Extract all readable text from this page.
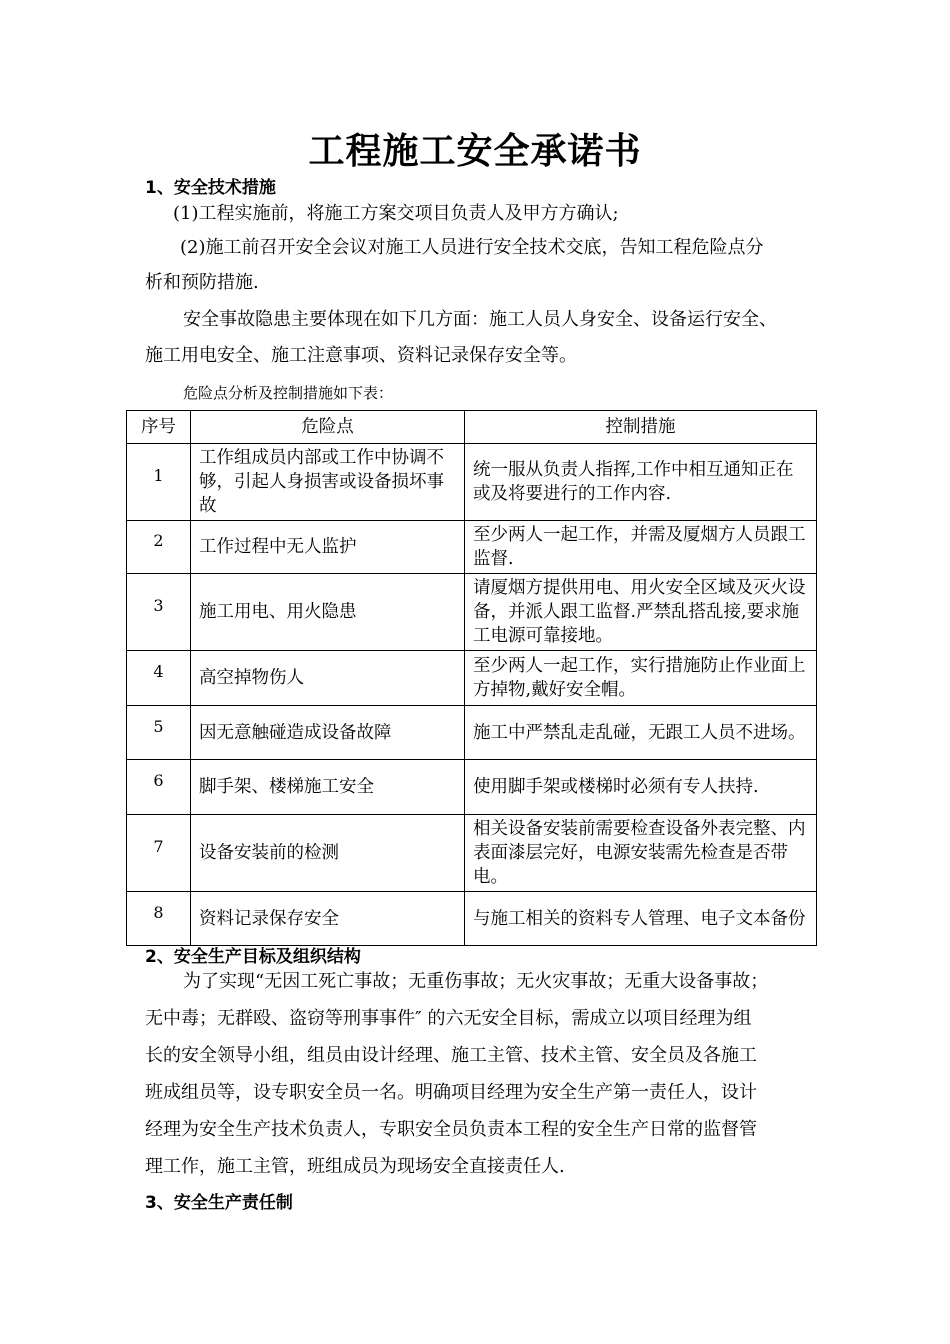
工程施工安全承诺书
1、安全技术措施
(1)工程实施前，将施工方案交项目负责人及甲方方确认;
(2)施工前召开安全会议对施工人员进行安全技术交底，告知工程危险点分
析和预防措施.
安全事故隐患主要体现在如下几方面：施工人员人身安全、设备运行安全、
施工用电安全、施工注意事项、资料记录保存安全等。
危险点分析及控制措施如下表：
序号	危险点	控制措施
1	工作组成员内部或工作中协调不够，引起人身损害或设备损坏事故	统一服从负责人指挥,工作中相互通知正在或及将要进行的工作内容.
2	工作过程中无人监护	至少两人一起工作，并需及厦烟方人员跟工监督.
3	施工用电、用火隐患	请厦烟方提供用电、用火安全区域及灭火设备，并派人跟工监督.严禁乱搭乱接,要求施工电源可靠接地。
4	高空掉物伤人	至少两人一起工作，实行措施防止作业面上方掉物,戴好安全帽。
5	因无意触碰造成设备故障	施工中严禁乱走乱碰，无跟工人员不进场。
6	脚手架、楼梯施工安全	使用脚手架或楼梯时必须有专人扶持.
7	设备安装前的检测	相关设备安装前需要检查设备外表完整、内表面漆层完好，电源安装需先检查是否带电。
8	资料记录保存安全	与施工相关的资料专人管理、电子文本备份
2、安全生产目标及组织结构
为了实现“无因工死亡事故；无重伤事故；无火灾事故；无重大设备事故；
无中毒；无群殴、盗窃等刑事事件″ 的六无安全目标，需成立以项目经理为组
长的安全领导小组，组员由设计经理、施工主管、技术主管、安全员及各施工
班成组员等，设专职安全员一名。明确项目经理为安全生产第一责任人，设计
经理为安全生产技术负责人，专职安全员负责本工程的安全生产日常的监督管
理工作，施工主管，班组成员为现场安全直接责任人.
3、安全生产责任制
